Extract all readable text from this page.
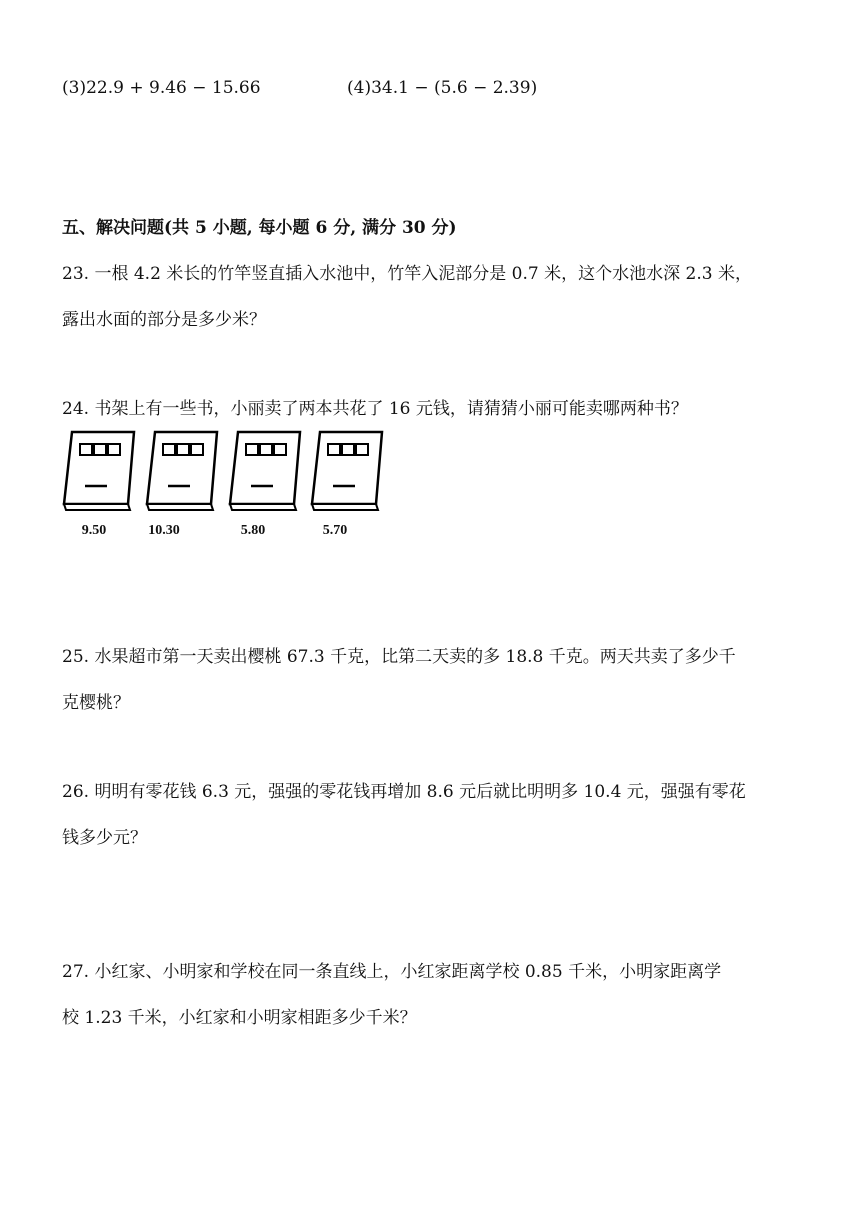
(3)22.9 + 9.46 − 15.66	(4)34.1 − (5.6 − 2.39)
五、解决问题(共 5 小题, 每小题 6 分, 满分 30 分)
23. 一根 4.2 米长的竹竿竖直插入水池中，竹竿入泥部分是 0.7 米，这个水池水深 2.3 米，
露出水面的部分是多少米？
24. 书架上有一些书，小丽卖了两本共花了 16 元钱，请猜猜小丽可能卖哪两种书？
9.50	10.30	5.80	5.70
25. 水果超市第一天卖出樱桃 67.3 千克，比第二天卖的多 18.8 千克。两天共卖了多少千
克樱桃？
26. 明明有零花钱 6.3 元，强强的零花钱再增加 8.6 元后就比明明多 10.4 元，强强有零花
钱多少元？
27. 小红家、小明家和学校在同一条直线上，小红家距离学校 0.85 千米，小明家距离学
校 1.23 千米，小红家和小明家相距多少千米？
